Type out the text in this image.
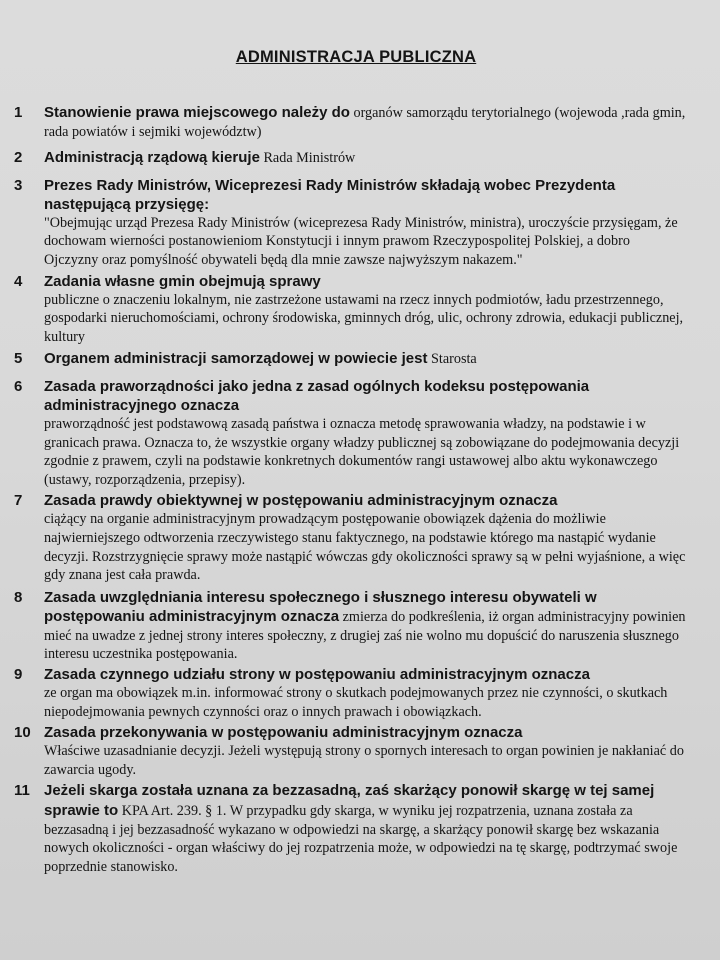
ADMINISTRACJA PUBLICZNA
1	Stanowienie prawa miejscowego należy do organów samorządu terytorialnego (wojewoda ,rada gmin, rada powiatów i sejmiki województw)
2	Administracją rządową kieruje Rada Ministrów
3	Prezes Rady Ministrów, Wiceprezesi Rady Ministrów składają wobec Prezydenta następującą przysięgę:
"Obejmując urząd Prezesa Rady Ministrów (wiceprezesa Rady Ministrów, ministra), uroczyście przysięgam, że dochowam wierności postanowieniom Konstytucji i innym prawom Rzeczypospolitej Polskiej, a dobro Ojczyzny oraz pomyślność obywateli będą dla mnie zawsze najwyższym nakazem."
4	Zadania własne gmin obejmują sprawy
publiczne o znaczeniu lokalnym, nie zastrzeżone ustawami na rzecz innych podmiotów, ładu przestrzennego, gospodarki nieruchomościami, ochrony środowiska, gminnych dróg, ulic, ochrony zdrowia, edukacji publicznej, kultury
5	Organem administracji samorządowej w powiecie jest Starosta
6	Zasada praworządności jako jedna z zasad ogólnych kodeksu postępowania administracyjnego oznacza
praworządność jest podstawową zasadą państwa i oznacza metodę sprawowania władzy, na podstawie i w granicach prawa. Oznacza to, że wszystkie organy władzy publicznej są zobowiązane do podejmowania decyzji zgodnie z prawem, czyli na podstawie konkretnych dokumentów rangi ustawowej albo aktu wykonawczego (ustawy, rozporządzenia, przepisy).
7	Zasada prawdy obiektywnej w postępowaniu administracyjnym oznacza
ciążący na organie administracyjnym prowadzącym postępowanie obowiązek dążenia do możliwie najwierniejszego odtworzenia rzeczywistego stanu faktycznego, na podstawie którego ma nastąpić wydanie decyzji. Rozstrzygnięcie sprawy może nastąpić wówczas gdy okoliczności sprawy są w pełni wyjaśnione, a więc gdy znana jest cała prawda.
8	Zasada uwzględniania interesu społecznego i słusznego interesu obywateli w postępowaniu administracyjnym oznacza zmierza do podkreślenia, iż organ administracyjny powinien mieć na uwadze z jednej strony interes społeczny, z drugiej zaś nie wolno mu dopuścić do naruszenia słusznego interesu uczestnika postępowania.
9	Zasada czynnego udziału strony w postępowaniu administracyjnym oznacza
ze organ ma obowiązek m.in. informować strony o skutkach podejmowanych przez nie czynności, o skutkach niepodejmowania pewnych czynności oraz o innych prawach i obowiązkach.
10 Zasada przekonywania w postępowaniu administracyjnym oznacza
Właściwe uzasadnianie decyzji. Jeżeli występują strony o spornych interesach to organ powinien je nakłaniać do zawarcia ugody.
11 Jeżeli skarga została uznana za bezzasadną, zaś skarżący ponowił skargę w tej samej sprawie to KPA Art. 239. § 1. W przypadku gdy skarga, w wyniku jej rozpatrzenia, uznana została za bezzasadną i jej bezzasadność wykazano w odpowiedzi na skargę, a skarżący ponowił skargę bez wskazania nowych okoliczności - organ właściwy do jej rozpatrzenia może, w odpowiedzi na tę skargę, podtrzymać swoje poprzednie stanowisko.
